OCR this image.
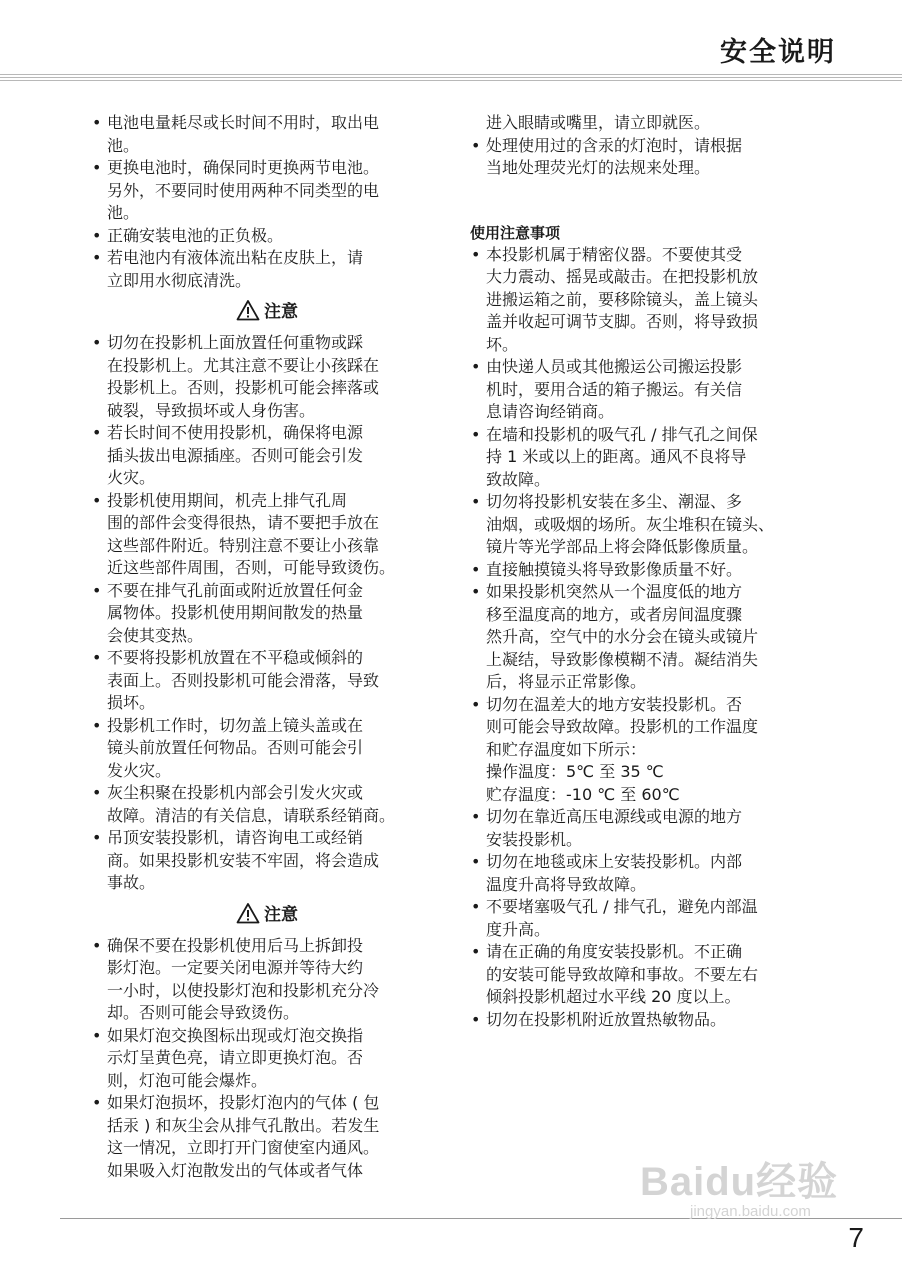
安全说明
• 电池电量耗尽或长时间不用时，取出电
池。
• 更换电池时，确保同时更换两节电池。
另外，不要同时使用两种不同类型的电
池。
• 正确安装电池的正负极。
• 若电池内有液体流出粘在皮肤上，请
立即用水彻底清洗。
注意
• 切勿在投影机上面放置任何重物或踩
在投影机上。尤其注意不要让小孩踩在
投影机上。否则，投影机可能会摔落或
破裂，导致损坏或人身伤害。
• 若长时间不使用投影机，确保将电源
插头拔出电源插座。否则可能会引发
火灾。
• 投影机使用期间，机壳上排气孔周
围的部件会变得很热，请不要把手放在
这些部件附近。特别注意不要让小孩靠
近这些部件周围，否则，可能导致烫伤。
• 不要在排气孔前面或附近放置任何金
属物体。投影机使用期间散发的热量
会使其变热。
• 不要将投影机放置在不平稳或倾斜的
表面上。否则投影机可能会滑落，导致
损坏。
• 投影机工作时，切勿盖上镜头盖或在
镜头前放置任何物品。否则可能会引
发火灾。
• 灰尘积聚在投影机内部会引发火灾或
故障。清洁的有关信息，请联系经销商。
• 吊顶安装投影机，请咨询电工或经销
商。如果投影机安装不牢固，将会造成
事故。
注意
• 确保不要在投影机使用后马上拆卸投
影灯泡。一定要关闭电源并等待大约
一小时，以使投影灯泡和投影机充分冷
却。否则可能会导致烫伤。
• 如果灯泡交换图标出现或灯泡交换指
示灯呈黄色亮，请立即更换灯泡。否
则，灯泡可能会爆炸。
• 如果灯泡损坏，投影灯泡内的气体 ( 包
括汞 ) 和灰尘会从排气孔散出。若发生
这一情况，立即打开门窗使室内通风。
如果吸入灯泡散发出的气体或者气体
进入眼睛或嘴里，请立即就医。
• 处理使用过的含汞的灯泡时，请根据
当地处理荧光灯的法规来处理。
使用注意事项
• 本投影机属于精密仪器。不要使其受
大力震动、摇晃或敲击。在把投影机放
进搬运箱之前，要移除镜头，盖上镜头
盖并收起可调节支脚。否则，将导致损
坏。
• 由快递人员或其他搬运公司搬运投影
机时，要用合适的箱子搬运。有关信
息请咨询经销商。
• 在墙和投影机的吸气孔 / 排气孔之间保
持 1 米或以上的距离。通风不良将导
致故障。
• 切勿将投影机安装在多尘、潮湿、多
油烟，或吸烟的场所。灰尘堆积在镜头、
镜片等光学部品上将会降低影像质量。
• 直接触摸镜头将导致影像质量不好。
• 如果投影机突然从一个温度低的地方
移至温度高的地方，或者房间温度骤
然升高，空气中的水分会在镜头或镜片
上凝结，导致影像模糊不清。凝结消失
后，将显示正常影像。
• 切勿在温差大的地方安装投影机。否
则可能会导致故障。投影机的工作温度
和贮存温度如下所示：
操作温度：5℃ 至 35 ℃
贮存温度：-10 ℃ 至 60℃
• 切勿在靠近高压电源线或电源的地方
安装投影机。
• 切勿在地毯或床上安装投影机。内部
温度升高将导致故障。
• 不要堵塞吸气孔 / 排气孔，避免内部温
度升高。
• 请在正确的角度安装投影机。不正确
的安装可能导致故障和事故。不要左右
倾斜投影机超过水平线 20 度以上。
• 切勿在投影机附近放置热敏物品。
7
Baidu经验
jingyan.baidu.com
